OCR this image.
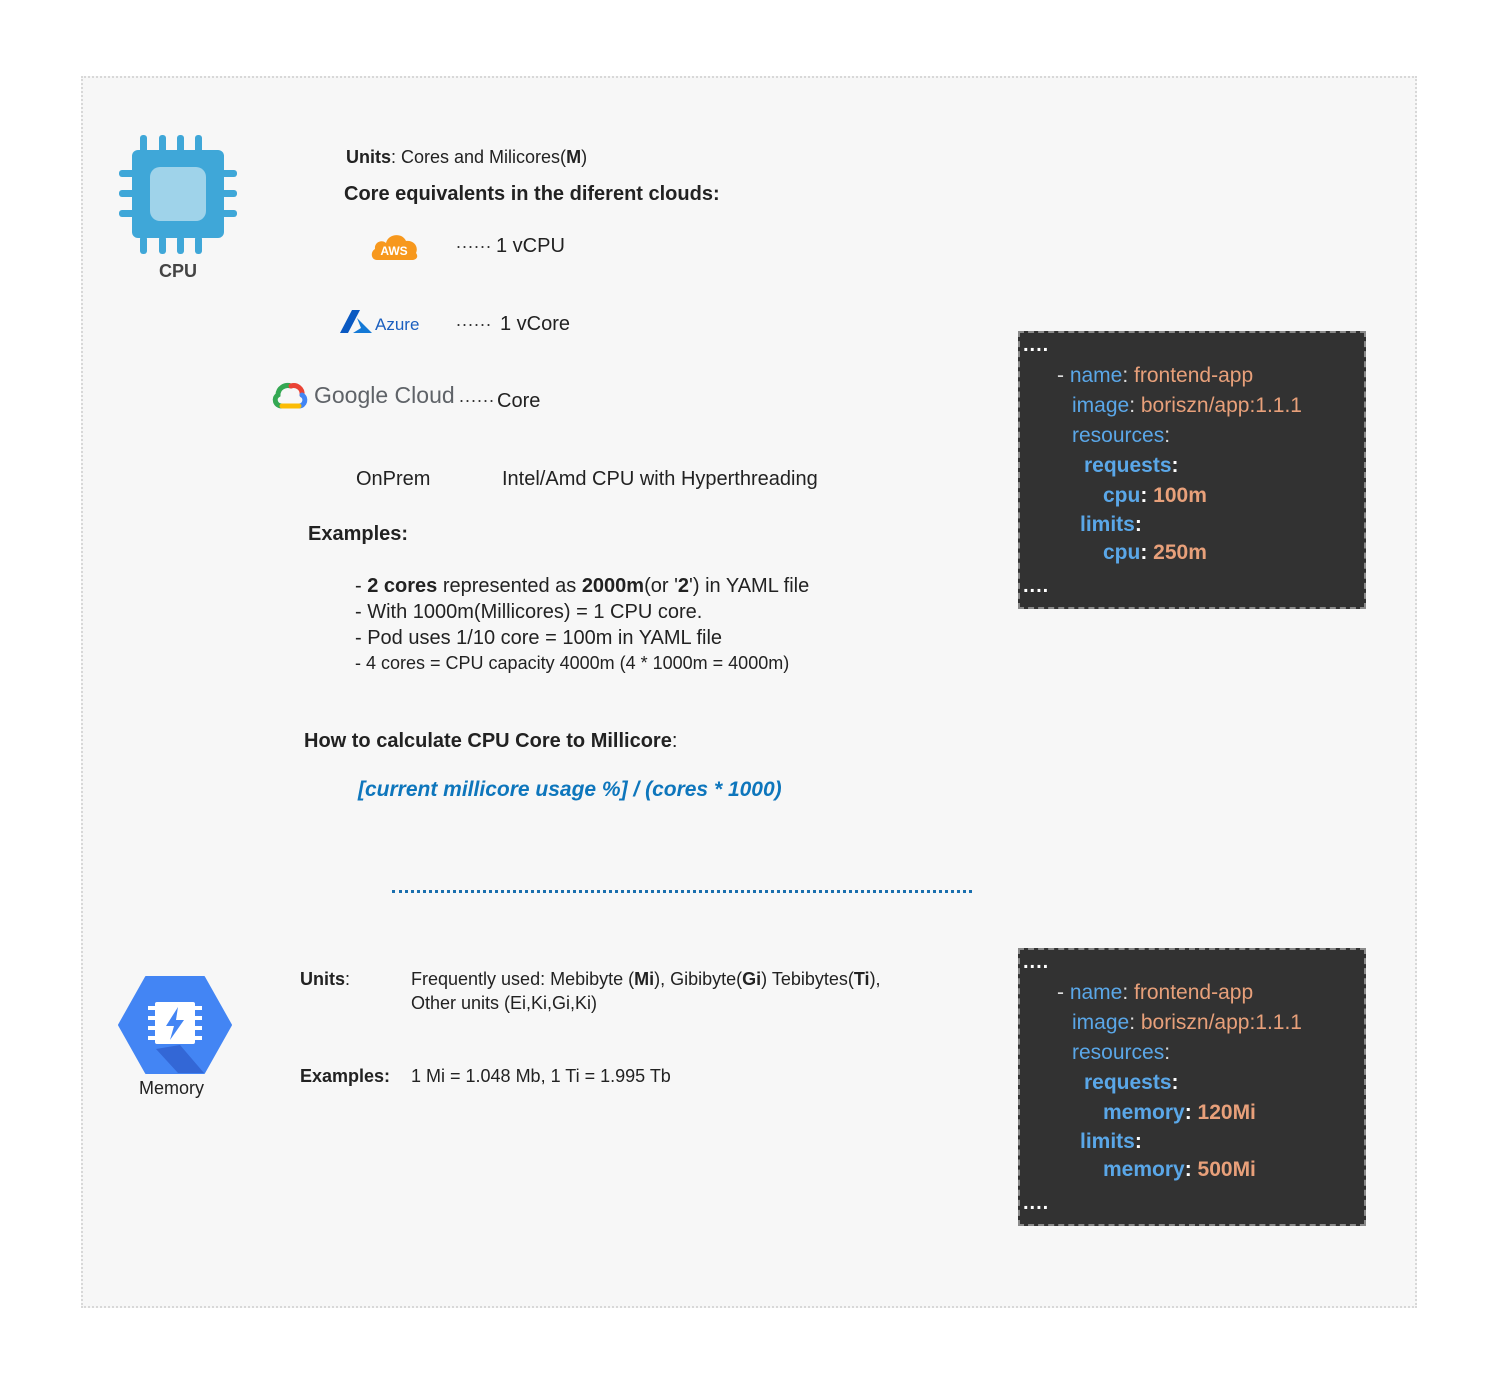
CPU
Units: Cores and Milicores(M)
Core equivalents in the diferent clouds:
AWS	...... 1 vCPU
Azure ...... 1 vCore
Google Cloud ...... Core
OnPrem	Intel/Amd CPU with Hyperthreading
Examples:
- 2 cores represented as 2000m(or '2') in YAML file
- With 1000m(Millicores) = 1 CPU core.
- Pod uses 1/10 core = 100m in YAML file
- 4 cores = CPU capacity 4000m (4 * 1000m = 4000m)
How to calculate CPU Core to Millicore:
[current millicore usage %] / (cores * 1000)
....
- name: frontend-app
image: boriszn/app:1.1.1
resources:
requests:
cpu: 100m
limits:
cpu: 250m
....
Memory
Units:	Frequently used: Mebibyte (Mi), Gibibyte(Gi) Tebibytes(Ti),
Other units (Ei,Ki,Gi,Ki)
Examples: 1 Mi = 1.048 Mb, 1 Ti = 1.995 Tb
....
- name: frontend-app
image: boriszn/app:1.1.1
resources:
requests:
memory: 120Mi
limits:
memory: 500Mi
....
